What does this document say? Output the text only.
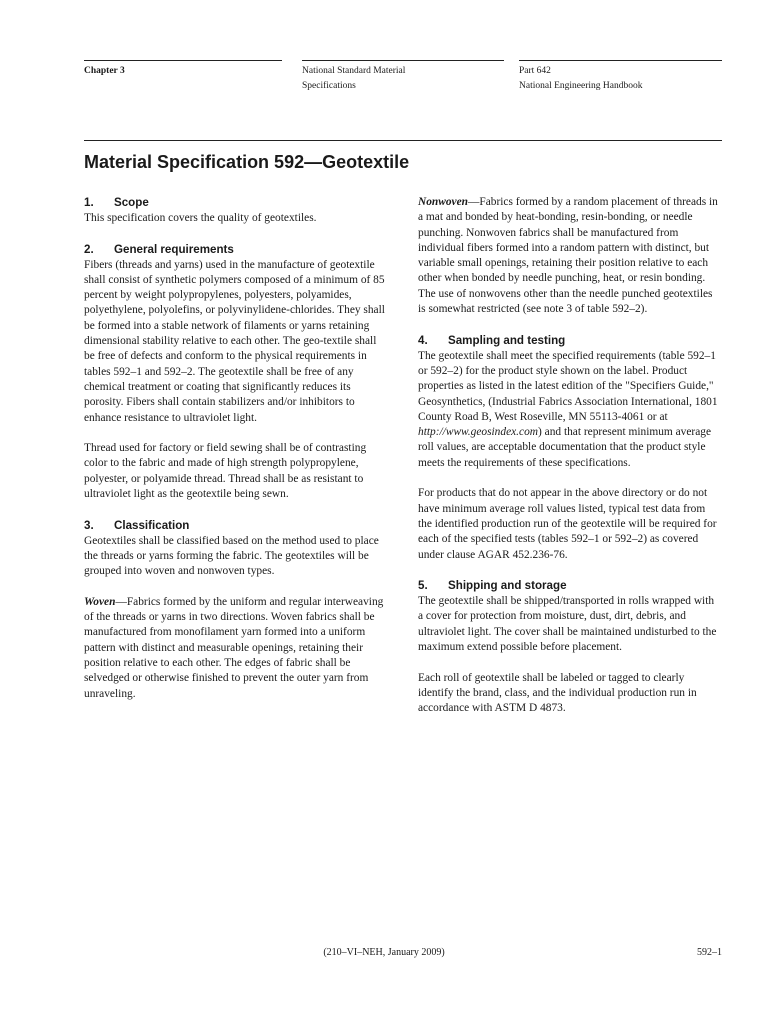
Chapter 3	National Standard Material
Specifications
Part 642
National Engineering Handbook
Material Specification 592—Geotextile
1. Scope

This specification covers the quality of geotextiles.

2. General requirements

Fibers (threads and yarns) used in the manufacture of geotextile shall consist of synthetic polymers composed of a minimum of 85 percent by weight polypropylenes, polyesters, polyamides, polyethylene, polyolefins, or polyvinylidene-chlorides. They shall be formed into a stable network of filaments or yarns retaining dimensional stability relative to each other. The geo-textile shall be free of defects and conform to the physical requirements in tables 592–1 and 592–2. The geotextile shall be free of any chemical treatment or coating that significantly reduces its porosity. Fibers shall contain stabilizers and/or inhibitors to enhance resistance to ultraviolet light.

Thread used for factory or field sewing shall be of contrasting color to the fabric and made of high strength polypropylene, polyester, or polyamide thread. Thread shall be as resistant to ultraviolet light as the geotextile being sewn.

3. Classification

Geotextiles shall be classified based on the method used to place the threads or yarns forming the fabric. The geotextiles will be grouped into woven and nonwoven types.

Woven—Fabrics formed by the uniform and regular interweaving of the threads or yarns in two directions. Woven fabrics shall be manufactured from monofilament yarn formed into a uniform pattern with distinct and measurable openings, retaining their position relative to each other. The edges of fabric shall be selvedged or otherwise finished to prevent the outer yarn from unraveling.

Nonwoven—Fabrics formed by a random placement of threads in a mat and bonded by heat-bonding, resin-bonding, or needle punching. Nonwoven fabrics shall be manufactured from individual fibers formed into a random pattern with distinct, but variable small openings, retaining their position relative to each other when bonded by needle punching, heat, or resin bonding. The use of nonwovens other than the needle punched geotextiles is somewhat restricted (see note 3 of table 592–2).

4. Sampling and testing

The geotextile shall meet the specified requirements (table 592–1 or 592–2) for the product style shown on the label. Product properties as listed in the latest edition of the "Specifiers Guide," Geosynthetics, (Industrial Fabrics Association International, 1801 County Road B, West Roseville, MN 55113-4061 or at http://www.geosindex.com) and that represent minimum average roll values, are acceptable documentation that the product style meets the requirements of these specifications.

For products that do not appear in the above directory or do not have minimum average roll values listed, typical test data from the identified production run of the geotextile will be required for each of the specified tests (tables 592–1 or 592–2) as covered under clause AGAR 452.236-76.

5. Shipping and storage

The geotextile shall be shipped/transported in rolls wrapped with a cover for protection from moisture, dust, dirt, debris, and ultraviolet light. The cover shall be maintained undisturbed to the maximum extend possible before placement.

Each roll of geotextile shall be labeled or tagged to clearly identify the brand, class, and the individual production run in accordance with ASTM D 4873.

(210–VI–NEH, January 2009)	592–1
